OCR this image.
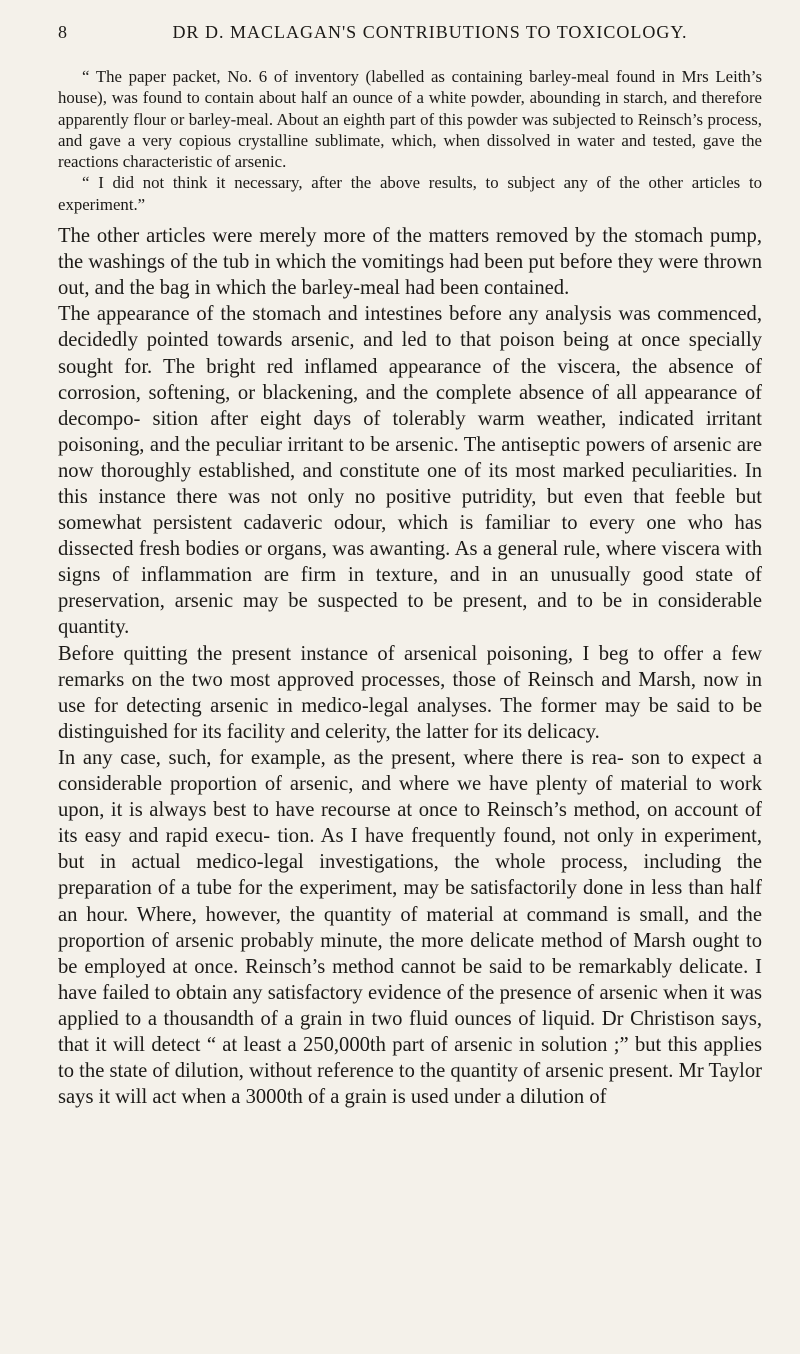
8	DR D. MACLAGAN'S CONTRIBUTIONS TO TOXICOLOGY.

“ The paper packet, No. 6 of inventory (labelled as containing barley-meal found in Mrs Leith’s house), was found to contain about half an ounce of a white powder, abounding in starch, and therefore apparently flour or barley-meal. About an eighth part of this powder was subjected to Reinsch’s process, and gave a very copious crystalline sublimate, which, when dissolved in water and tested, gave the reactions characteristic of arsenic.

“ I did not think it necessary, after the above results, to subject any of the other articles to experiment.”

The other articles were merely more of the matters removed by the stomach pump, the washings of the tub in which the vomitings had been put before they were thrown out, and the bag in which the barley-meal had been contained.

The appearance of the stomach and intestines before any analysis was commenced, decidedly pointed towards arsenic, and led to that poison being at once specially sought for. The bright red inflamed appearance of the viscera, the absence of corrosion, softening, or blackening, and the complete absence of all appearance of decompo- sition after eight days of tolerably warm weather, indicated irritant poisoning, and the peculiar irritant to be arsenic. The antiseptic powers of arsenic are now thoroughly established, and constitute one of its most marked peculiarities. In this instance there was not only no positive putridity, but even that feeble but somewhat persistent cadaveric odour, which is familiar to every one who has dissected fresh bodies or organs, was awanting. As a general rule, where viscera with signs of inflammation are firm in texture, and in an unusually good state of preservation, arsenic may be suspected to be present, and to be in considerable quantity.

Before quitting the present instance of arsenical poisoning, I beg to offer a few remarks on the two most approved processes, those of Reinsch and Marsh, now in use for detecting arsenic in medico-legal analyses. The former may be said to be distinguished for its facility and celerity, the latter for its delicacy.

In any case, such, for example, as the present, where there is rea- son to expect a considerable proportion of arsenic, and where we have plenty of material to work upon, it is always best to have recourse at once to Reinsch’s method, on account of its easy and rapid execu- tion. As I have frequently found, not only in experiment, but in actual medico-legal investigations, the whole process, including the preparation of a tube for the experiment, may be satisfactorily done in less than half an hour. Where, however, the quantity of material at command is small, and the proportion of arsenic probably minute, the more delicate method of Marsh ought to be employed at once. Reinsch’s method cannot be said to be remarkably delicate. I have failed to obtain any satisfactory evidence of the presence of arsenic when it was applied to a thousandth of a grain in two fluid ounces of liquid. Dr Christison says, that it will detect “ at least a 250,000th part of arsenic in solution ;” but this applies to the state of dilution, without reference to the quantity of arsenic present. Mr Taylor says it will act when a 3000th of a grain is used under a dilution of
